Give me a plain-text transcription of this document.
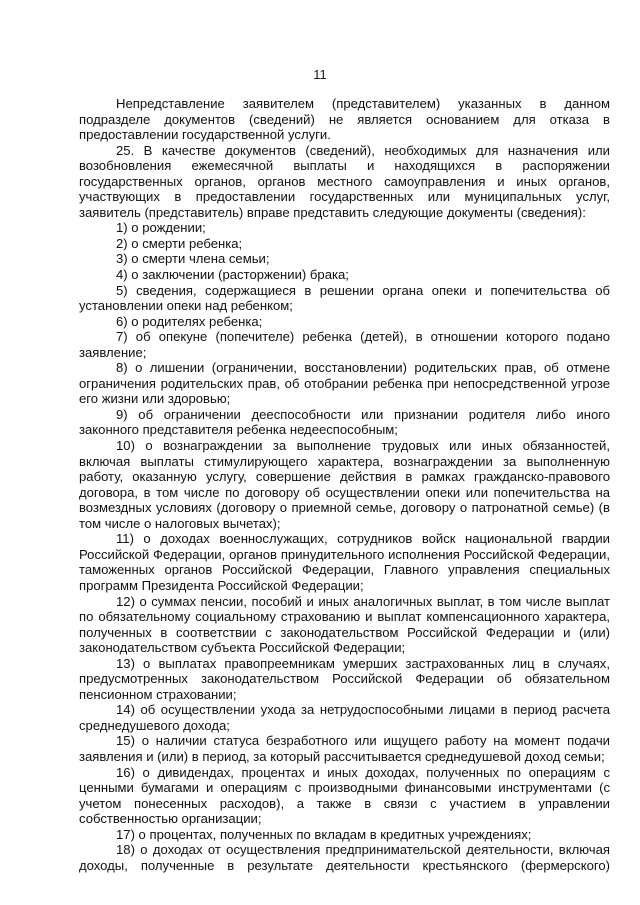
11

Непредставление заявителем (представителем) указанных в данном подразделе документов (сведений) не является основанием для отказа в предоставлении государственной услуги.

25. В качестве документов (сведений), необходимых для назначения или возобновления ежемесячной выплаты и находящихся в распоряжении государственных органов, органов местного самоуправления и иных органов, участвующих в предоставлении государственных или муниципальных услуг, заявитель (представитель) вправе представить следующие документы (сведения):

1) о рождении;

2) о смерти ребенка;

3) о смерти члена семьи;

4) о заключении (расторжении) брака;

5) сведения, содержащиеся в решении органа опеки и попечительства об установлении опеки над ребенком;

6) о родителях ребенка;

7) об опекуне (попечителе) ребенка (детей), в отношении которого подано заявление;

8) о лишении (ограничении, восстановлении) родительских прав, об отмене ограничения родительских прав, об отобрании ребенка при непосредственной угрозе его жизни или здоровью;

9) об ограничении дееспособности или признании родителя либо иного законного представителя ребенка недееспособным;

10) о вознаграждении за выполнение трудовых или иных обязанностей, включая выплаты стимулирующего характера, вознаграждении за выполненную работу, оказанную услугу, совершение действия в рамках гражданско-правового договора, в том числе по договору об осуществлении опеки или попечительства на возмездных условиях (договору о приемной семье, договору о патронатной семье) (в том числе о налоговых вычетах);

11) о доходах военнослужащих, сотрудников войск национальной гвардии Российской Федерации, органов принудительного исполнения Российской Федерации, таможенных органов Российской Федерации, Главного управления специальных программ Президента Российской Федерации;

12) о суммах пенсии, пособий и иных аналогичных выплат, в том числе выплат по обязательному социальному страхованию и выплат компенсационного характера, полученных в соответствии с законодательством Российской Федерации и (или) законодательством субъекта Российской Федерации;

13) о выплатах правопреемникам умерших застрахованных лиц в случаях, предусмотренных законодательством Российской Федерации об обязательном пенсионном страховании;

14) об осуществлении ухода за нетрудоспособными лицами в период расчета среднедушевого дохода;

15) о наличии статуса безработного или ищущего работу на момент подачи заявления и (или) в период, за который рассчитывается среднедушевой доход семьи;

16) о дивидендах, процентах и иных доходах, полученных по операциям с ценными бумагами и операциям с производными финансовыми инструментами (с учетом понесенных расходов), а также в связи с участием в управлении собственностью организации;

17) о процентах, полученных по вкладам в кредитных учреждениях;

18) о доходах от осуществления предпринимательской деятельности, включая доходы, полученные в результате деятельности крестьянского (фермерского)
